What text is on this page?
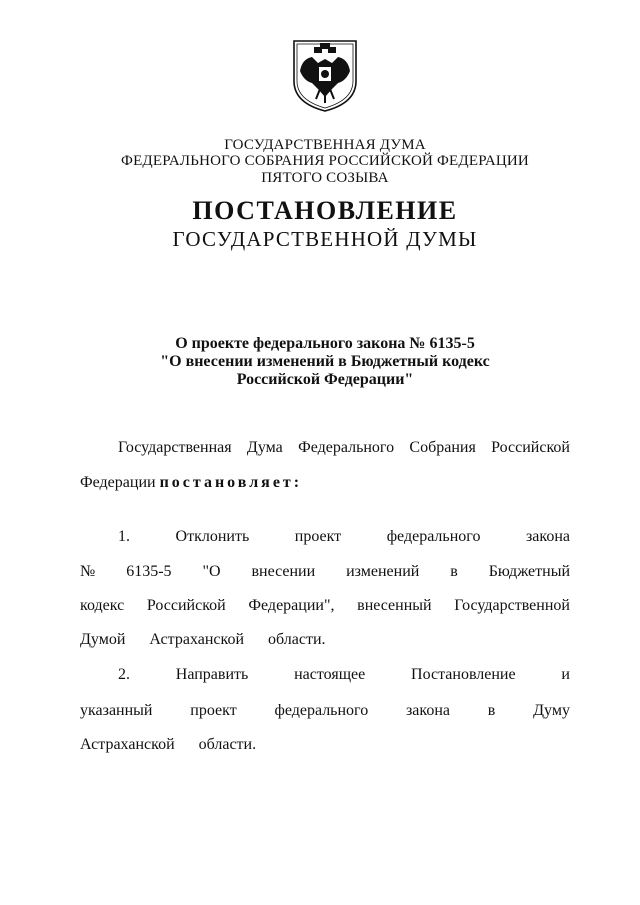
ГОСУДАРСТВЕННАЯ ДУМА
ФЕДЕРАЛЬНОГО СОБРАНИЯ РОССИЙСКОЙ ФЕДЕРАЦИИ
ПЯТОГО СОЗЫВА
ПОСТАНОВЛЕНИЕ
ГОСУДАРСТВЕННОЙ ДУМЫ
О проекте федерального закона № 6135-5
"О внесении изменений в Бюджетный кодекс
Российской Федерации"
Государственная Дума Федерального Собрания Российской
Федерации постановляет:
1.	Отклонить	проект	федерального	закона
№ 6135-5 "О внесении изменений в Бюджетный
кодекс Российской Федерации", внесенный Государственной
Думой Астраханской области.
2.	Направить	настоящее	Постановление	и
указанный проект федерального закона в Думу
Астраханской области.
